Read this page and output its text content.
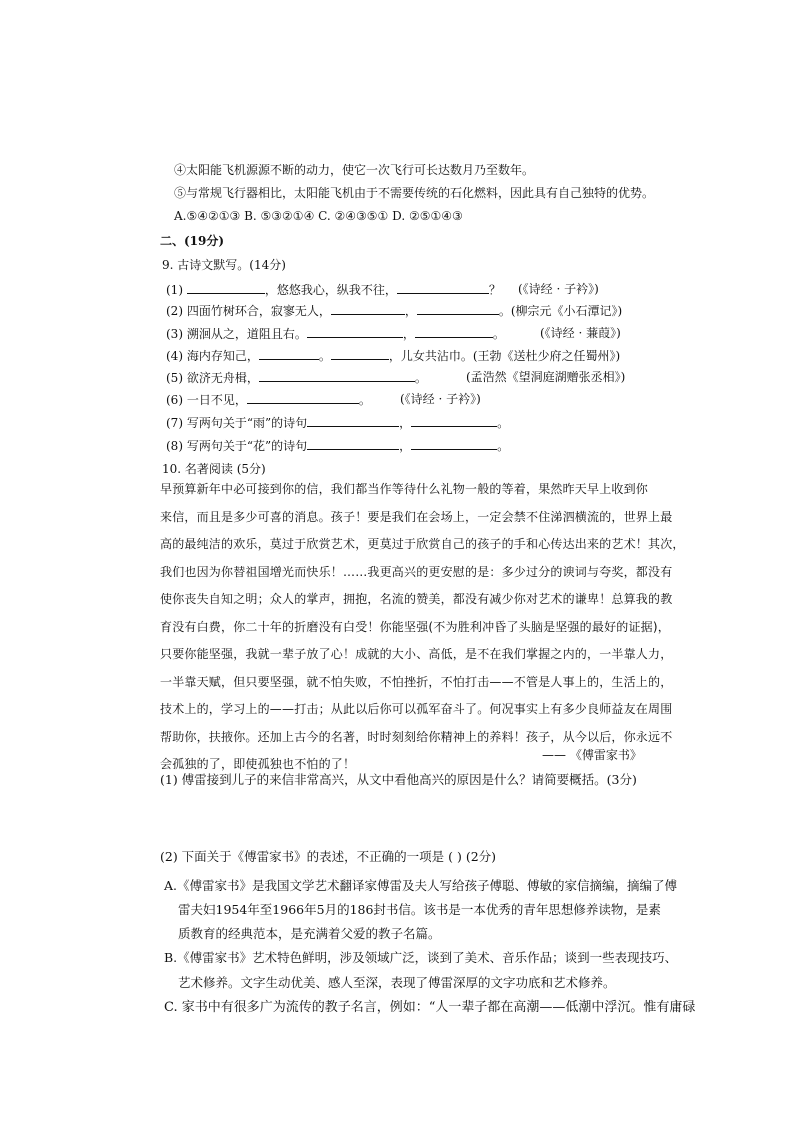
④太阳能飞机源源不断的动力，使它一次飞行可长达数月乃至数年。
⑤与常规飞行器相比，太阳能飞机由于不需要传统的石化燃料，因此具有自己独特的优势。
A.⑤④②①③ B. ⑤③②①④ C. ②④③⑤① D. ②⑤①④③
二、(19分)
9. 古诗文默写。(14分)
(1)	，悠悠我心，纵我不往，	？ (《诗经 · 子衿》)
(2) 四面竹树环合，寂寥无人，	，	。(柳宗元《小石潭记》)
(3) 溯洄从之，道阻且右。	，	。	(《诗经 · 蒹葭》)
(4) 海内存知己，	。	，儿女共沾巾。(王勃《送杜少府之任蜀州》)
(5) 欲济无舟楫，	。	(孟浩然《望洞庭湖赠张丞相》)
(6) 一日不见，	。 (《诗经 · 子衿》)
(7) 写两句关于“雨”的诗句	，	。
(8) 写两句关于“花”的诗句	，	。
10. 名著阅读 (5分)

早预算新年中必可接到你的信，我们都当作等待什么礼物一般的等着，果然昨天早上收到你

来信，而且是多少可喜的消息。孩子！要是我们在会场上，一定会禁不住涕泗横流的，世界上最

高的最纯洁的欢乐，莫过于欣赏艺术，更莫过于欣赏自己的孩子的手和心传达出来的艺术！其次，

我们也因为你替祖国增光而快乐！……我更高兴的更安慰的是：多少过分的谀词与夸奖，都没有

使你丧失自知之明；众人的掌声，拥抱，名流的赞美，都没有减少你对艺术的谦卑！总算我的教

育没有白费，你二十年的折磨没有白受！你能坚强(不为胜利冲昏了头脑是坚强的最好的证据)，

只要你能坚强，我就一辈子放了心！成就的大小、高低，是不在我们掌握之内的，一半靠人力，

一半靠天赋，但只要坚强，就不怕失败，不怕挫折，不怕打击——不管是人事上的，生活上的，

技术上的，学习上的——打击；从此以后你可以孤军奋斗了。何况事实上有多少良师益友在周围

帮助你，扶掖你。还加上古今的名著，时时刻刻给你精神上的养料！孩子，从今以后，你永远不

会孤独的了，即使孤独也不怕的了！

—— 《傅雷家书》
(1) 傅雷接到儿子的来信非常高兴，从文中看他高兴的原因是什么？请简要概括。(3分)
(2) 下面关于《傅雷家书》的表述，不正确的一项是 ( ) (2分)
A.《傅雷家书》是我国文学艺术翻译家傅雷及夫人写给孩子傅聪、傅敏的家信摘编，摘编了傅
雷夫妇1954年至1966年5月的186封书信。该书是一本优秀的青年思想修养读物，是素
质教育的经典范本，是充满着父爱的教子名篇。
B.《傅雷家书》艺术特色鲜明，涉及领域广泛，谈到了美术、音乐作品；谈到一些表现技巧、
艺术修养。文字生动优美、感人至深，表现了傅雷深厚的文字功底和艺术修养。
C. 家书中有很多广为流传的教子名言，例如：“人一辈子都在高潮——低潮中浮沉。惟有庸碌
